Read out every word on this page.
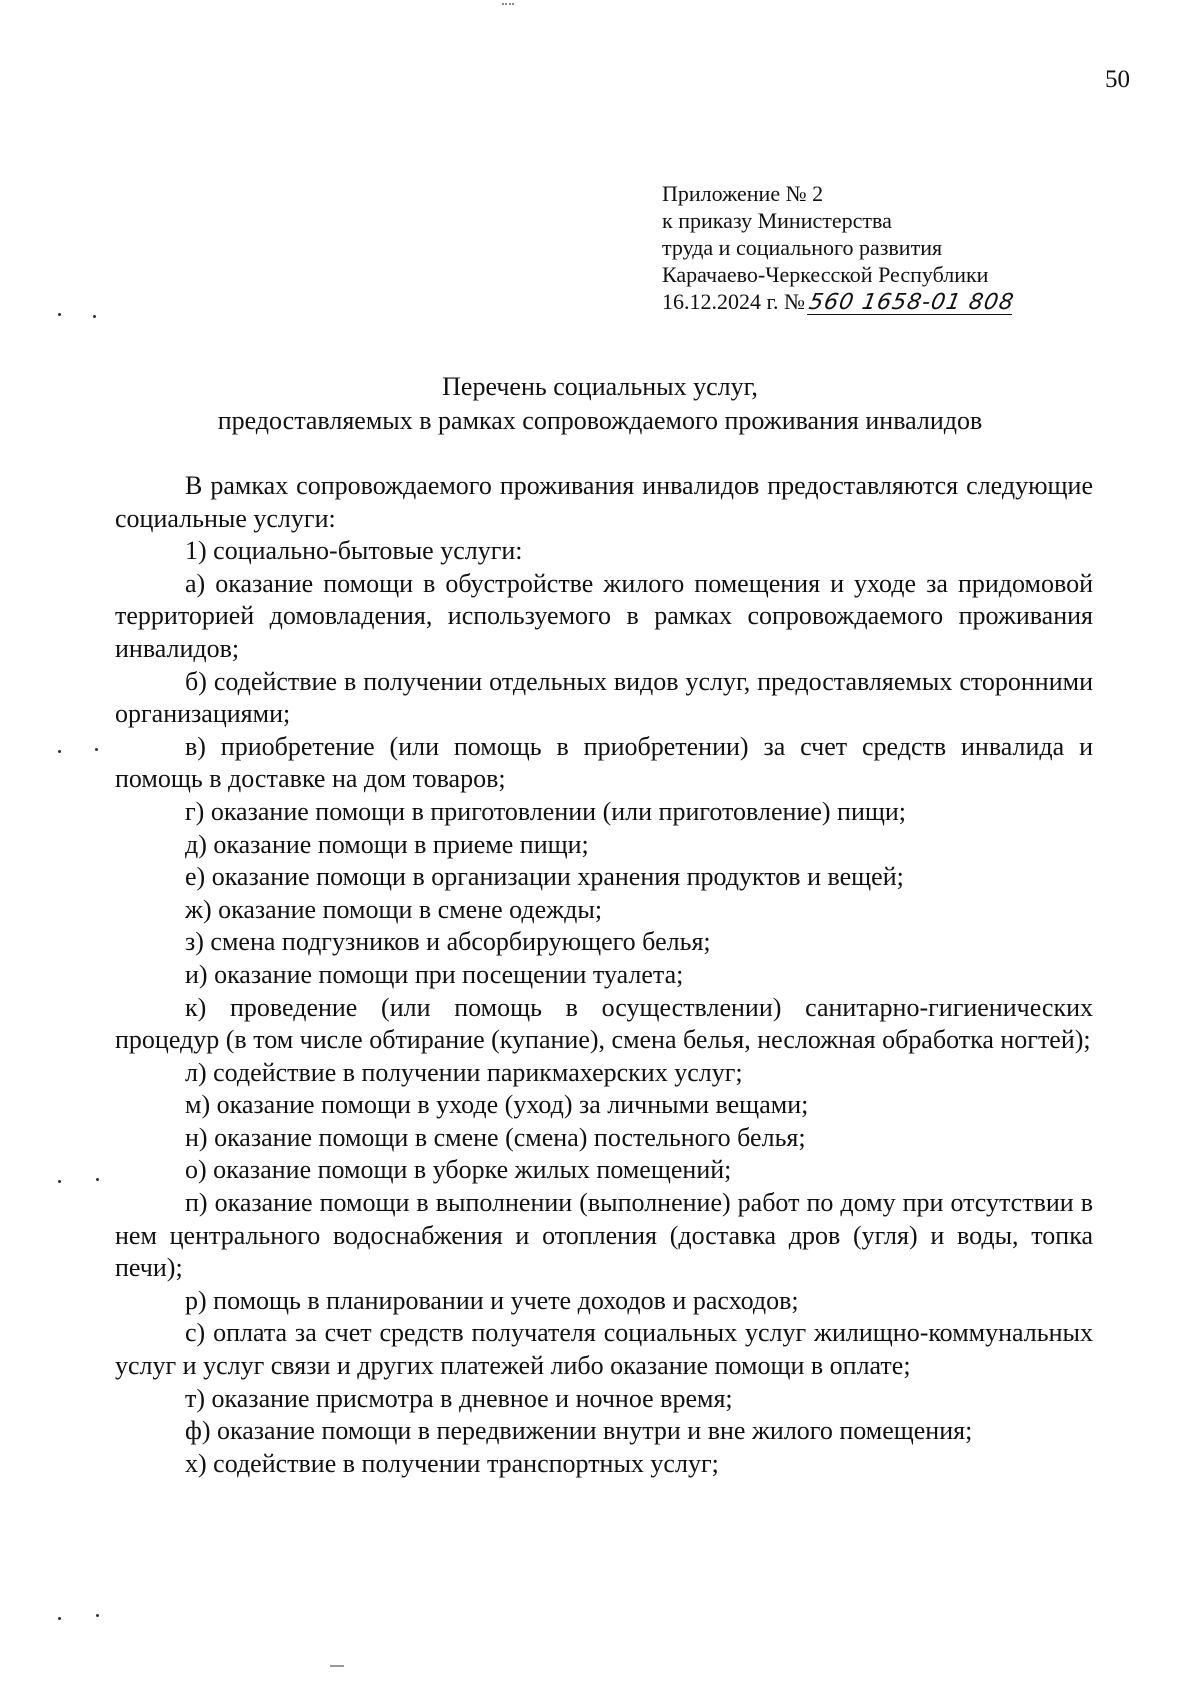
50
Приложение № 2
к приказу Министерства
труда и социального развития
Карачаево-Черкесской Республики
16.12.2024 г. №560 1658-01 808
Перечень социальных услуг,
предоставляемых в рамках сопровождаемого проживания инвалидов

В рамках сопровождаемого проживания инвалидов предоставляются следующие социальные услуги:

1) социально-бытовые услуги:

а) оказание помощи в обустройстве жилого помещения и уходе за придомовой территорией домовладения, используемого в рамках сопровождаемого проживания инвалидов;

б) содействие в получении отдельных видов услуг, предоставляемых сторонними организациями;

в) приобретение (или помощь в приобретении) за счет средств инвалида и помощь в доставке на дом товаров;

г) оказание помощи в приготовлении (или приготовление) пищи;

д) оказание помощи в приеме пищи;

е) оказание помощи в организации хранения продуктов и вещей;

ж) оказание помощи в смене одежды;

з) смена подгузников и абсорбирующего белья;

и) оказание помощи при посещении туалета;

к) проведение (или помощь в осуществлении) санитарно-гигиенических процедур (в том числе обтирание (купание), смена белья, несложная обработка ногтей);

л) содействие в получении парикмахерских услуг;

м) оказание помощи в уходе (уход) за личными вещами;

н) оказание помощи в смене (смена) постельного белья;

о) оказание помощи в уборке жилых помещений;

п) оказание помощи в выполнении (выполнение) работ по дому при отсутствии в нем центрального водоснабжения и отопления (доставка дров (угля) и воды, топка печи);

р) помощь в планировании и учете доходов и расходов;

с) оплата за счет средств получателя социальных услуг жилищно-коммунальных услуг и услуг связи и других платежей либо оказание помощи в оплате;

т) оказание присмотра в дневное и ночное время;

ф) оказание помощи в передвижении внутри и вне жилого помещения;

х) содействие в получении транспортных услуг;
